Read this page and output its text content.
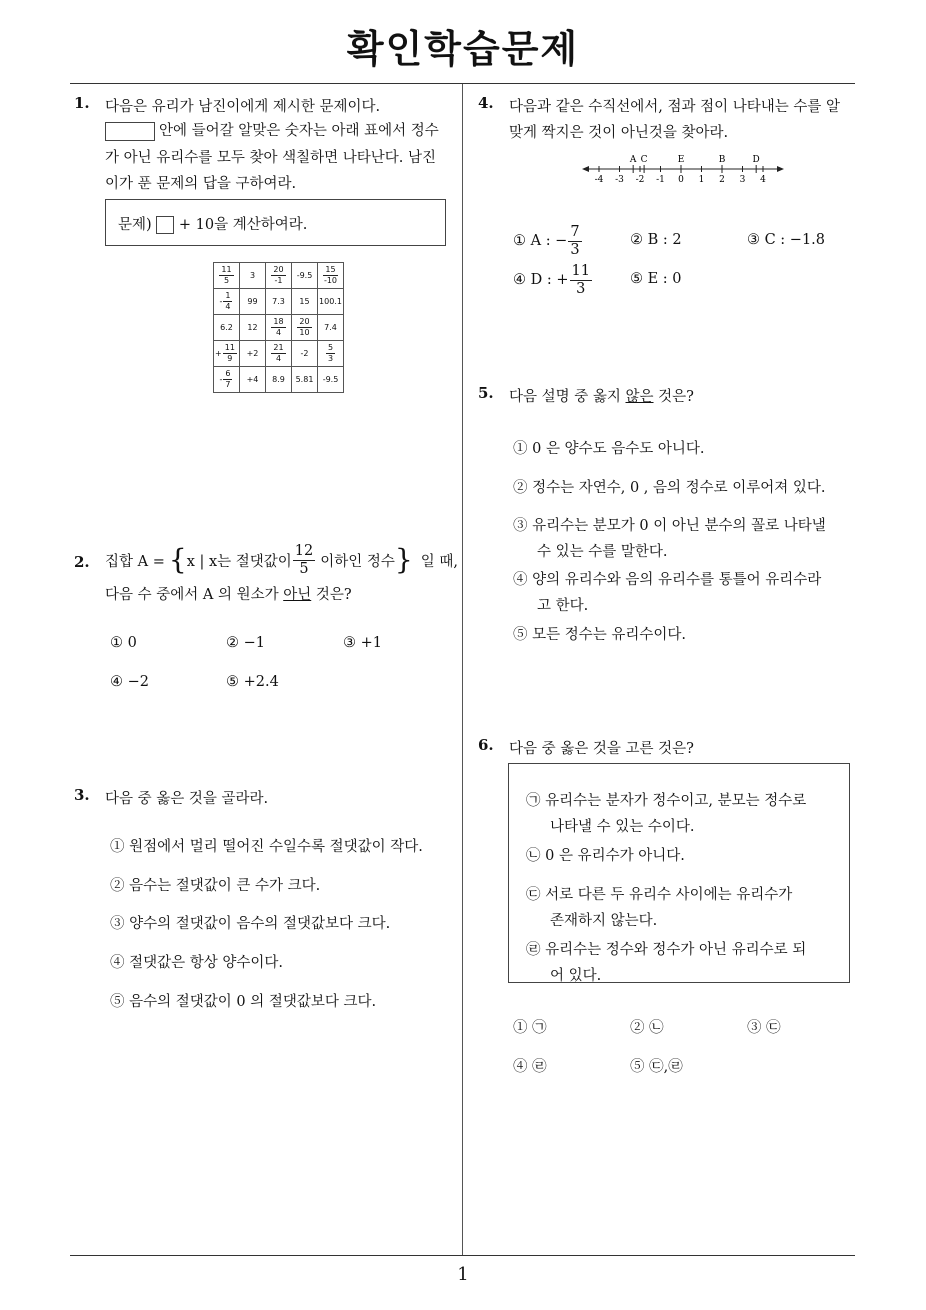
확인학습문제
1
1. 다음은 유리가 남진이에게 제시한 문제이다.
안에 들어갈 알맞은 숫자는 아래 표에서 정수
가 아닌 유리수를 모두 찾아 색칠하면 나타난다. 남진
이가 푼 문제의 답을 구하여라.
문제) + 10을 계산하여라.
$\frac{11}{5}$	3	$\frac{20}{-1}$	-9.5	$\frac{15}{-10}$

- $\frac{1}{4}$	99	7.3	15	100.1
6.2	12	$\frac{18}{4}$	$\frac{20}{10}$	7.4
+ $\frac{11}{9}$	+2	$\frac{21}{4}$	-2	$\frac{5}{3}$

- $\frac{6}{7}$	+4	8.9	5.81	-9.5
2. 집합 A = { x | x는 절댓값이 $\frac{12}{5}$ 이하인 정수 } 일 때,
다음 수 중에서 A 의 원소가 아닌 것은?
① 0	② −1	③ +1
④ −2	⑤ +2.4
3. 다음 중 옳은 것을 골라라.
① 원점에서 멀리 떨어진 수일수록 절댓값이 작다.
② 음수는 절댓값이 큰 수가 크다.
③ 양수의 절댓값이 음수의 절댓값보다 크다.
④ 절댓값은 항상 양수이다.
⑤ 음수의 절댓값이 0 의 절댓값보다 크다.
4. 다음과 같은 수직선에서, 점과 점이 나타내는 수를 알
맞게 짝지은 것이 아닌것을 찾아라.
-4 -3 -2 -1 0 1 2 3 4
A C	E	B	D
① A : − $\frac{7}{3}$	② B : 2	③ C : −1.8
④ D : + $\frac{11}{3}$	⑤ E : 0
5. 다음 설명 중 옳지 않은 것은?
① 0 은 양수도 음수도 아니다.
② 정수는 자연수, 0 , 음의 정수로 이루어져 있다.
③ 유리수는 분모가 0 이 아닌 분수의 꼴로 나타낼
수 있는 수를 말한다.
④ 양의 유리수와 음의 유리수를 통틀어 유리수라
고 한다.
⑤ 모든 정수는 유리수이다.
6. 다음 중 옳은 것을 고른 것은?
㉠ 유리수는 분자가 정수이고, 분모는 정수로
나타낼 수 있는 수이다.
㉡ 0 은 유리수가 아니다.
㉢ 서로 다른 두 유리수 사이에는 유리수가
존재하지 않는다.
㉣ 유리수는 정수와 정수가 아닌 유리수로 되
어 있다.
① ㉠	② ㉡	③ ㉢
④ ㉣	⑤ ㉢,㉣
